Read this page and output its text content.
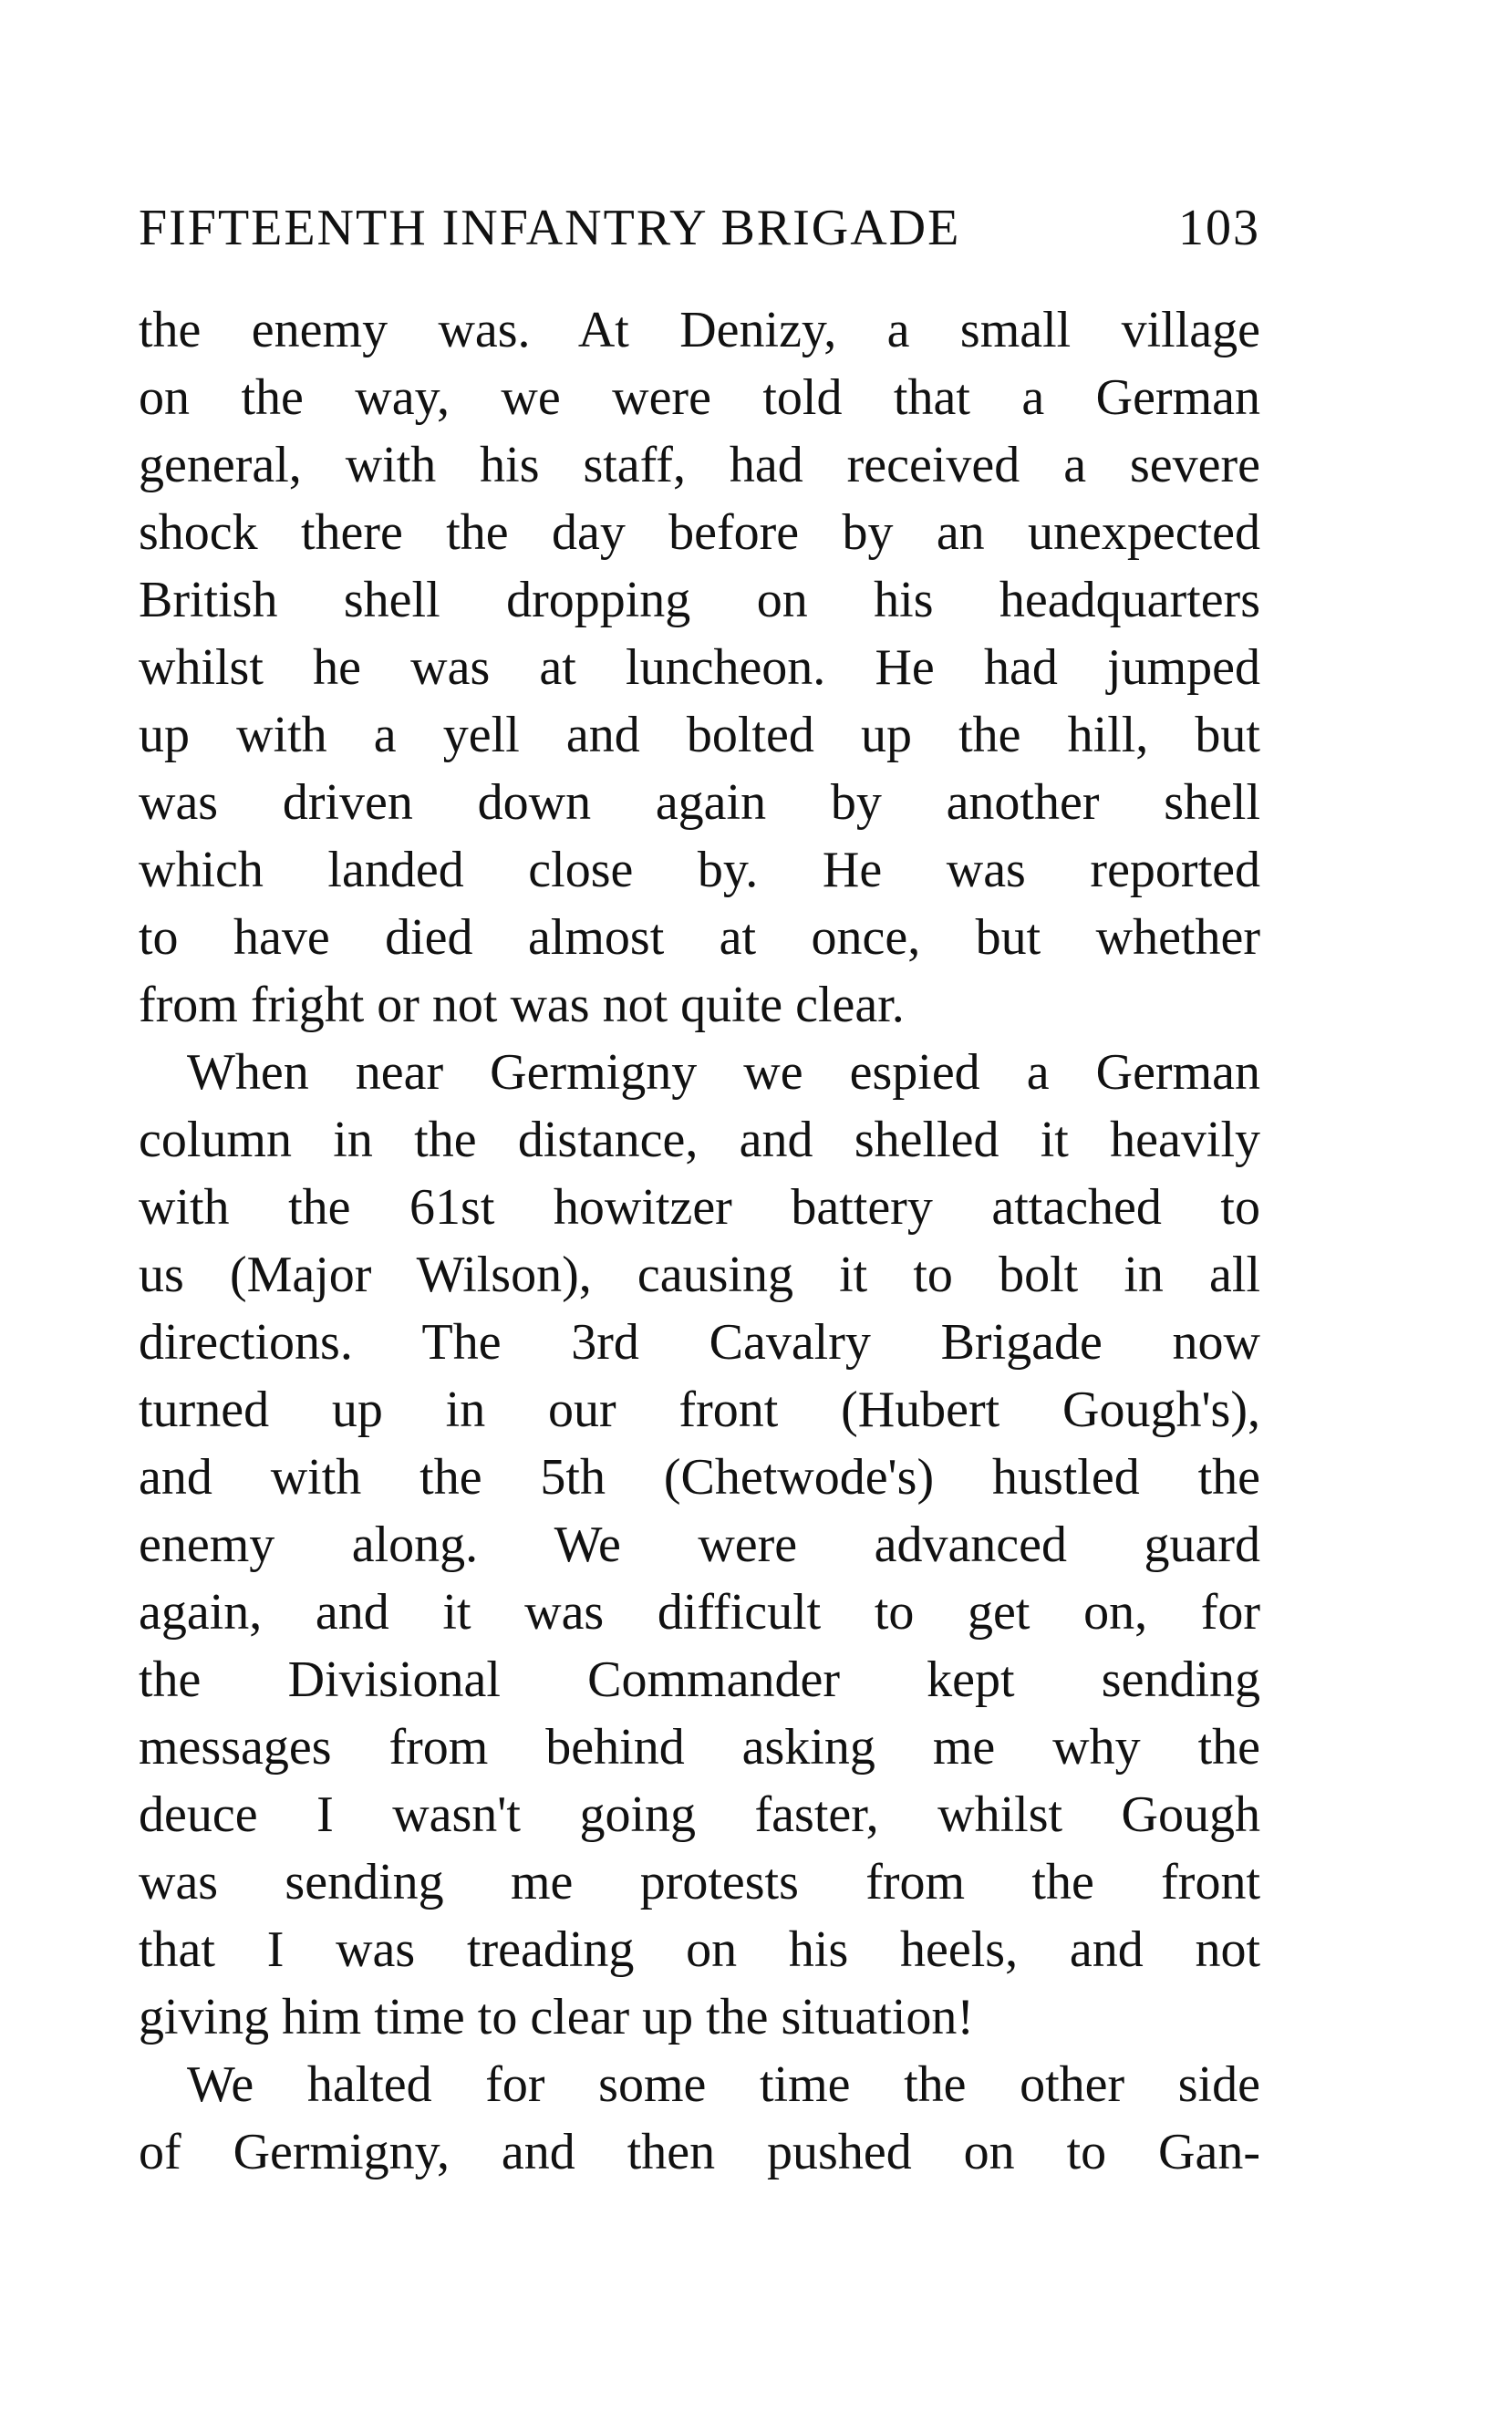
FIFTEENTH INFANTRY BRIGADE	103
the enemy was. At Denizy, a small village
on the way, we were told that a German
general, with his staff, had received a severe
shock there the day before by an unexpected
British shell dropping on his headquarters
whilst he was at luncheon. He had jumped
up with a yell and bolted up the hill, but
was driven down again by another shell
which landed close by. He was reported
to have died almost at once, but whether
from fright or not was not quite clear.
When near Germigny we espied a German
column in the distance, and shelled it heavily
with the 61st howitzer battery attached to
us (Major Wilson), causing it to bolt in all
directions. The 3rd Cavalry Brigade now
turned up in our front (Hubert Gough's),
and with the 5th (Chetwode's) hustled the
enemy along. We were advanced guard
again, and it was difficult to get on, for
the Divisional Commander kept sending
messages from behind asking me why the
deuce I wasn't going faster, whilst Gough
was sending me protests from the front
that I was treading on his heels, and not
giving him time to clear up the situation!
We halted for some time the other side
of Germigny, and then pushed on to Gan-
